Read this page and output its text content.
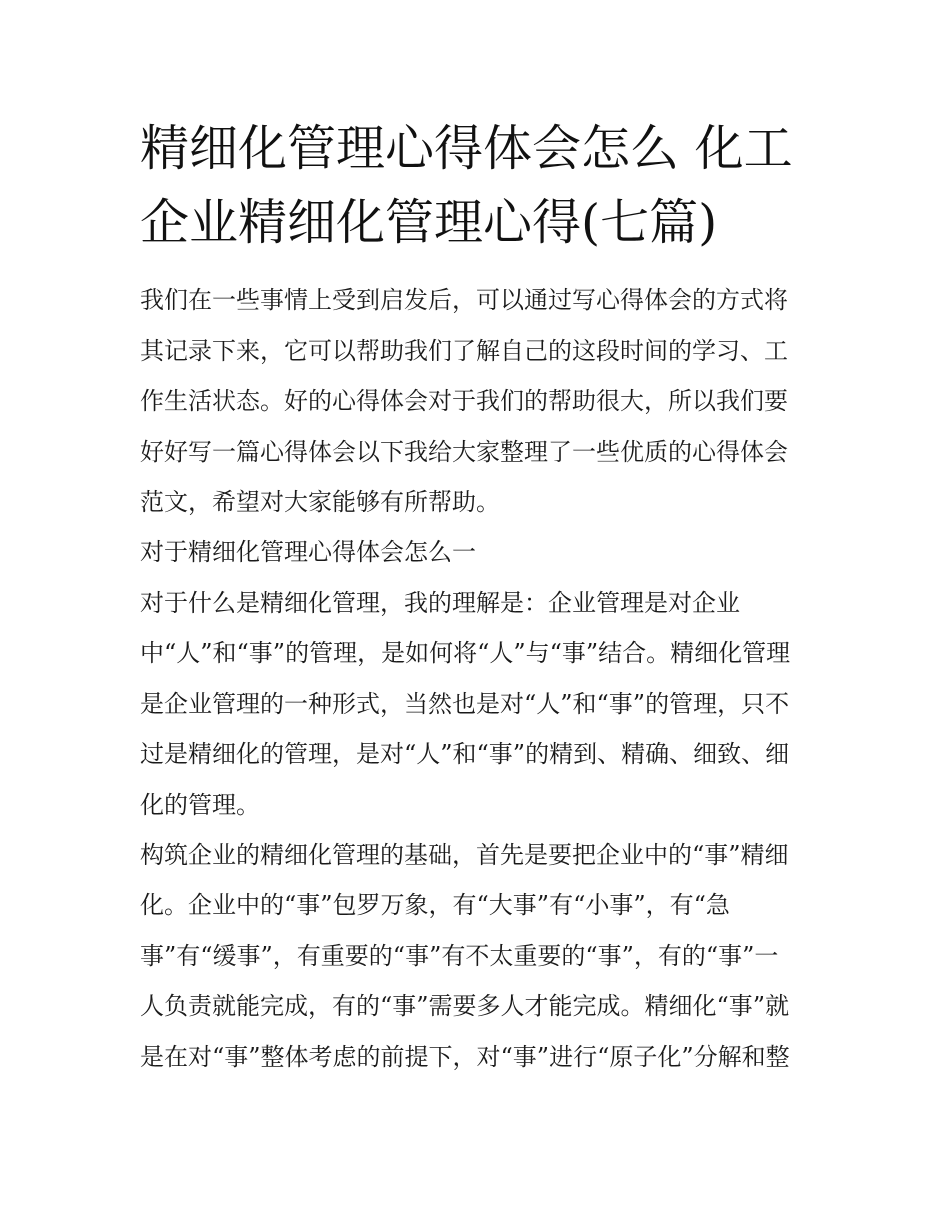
精细化管理心得体会怎么 化工
企业精细化管理心得(七篇)

我们在一些事情上受到启发后，可以通过写心得体会的方式将

其记录下来，它可以帮助我们了解自己的这段时间的学习、工

作生活状态。好的心得体会对于我们的帮助很大，所以我们要

好好写一篇心得体会以下我给大家整理了一些优质的心得体会

范文，希望对大家能够有所帮助。

对于精细化管理心得体会怎么一

对于什么是精细化管理，我的理解是：企业管理是对企业

中“人”和“事”的管理，是如何将“人”与“事”结合。精细化管理

是企业管理的一种形式，当然也是对“人”和“事”的管理，只不

过是精细化的管理，是对“人”和“事”的精到、精确、细致、细

化的管理。

构筑企业的精细化管理的基础，首先是要把企业中的“事”精细

化。企业中的“事”包罗万象，有“大事”有“小事”，有“急

事”有“缓事”，有重要的“事”有不太重要的“事”，有的“事”一

人负责就能完成，有的“事”需要多人才能完成。精细化“事”就

是在对“事”整体考虑的前提下，对“事”进行“原子化”分解和整
